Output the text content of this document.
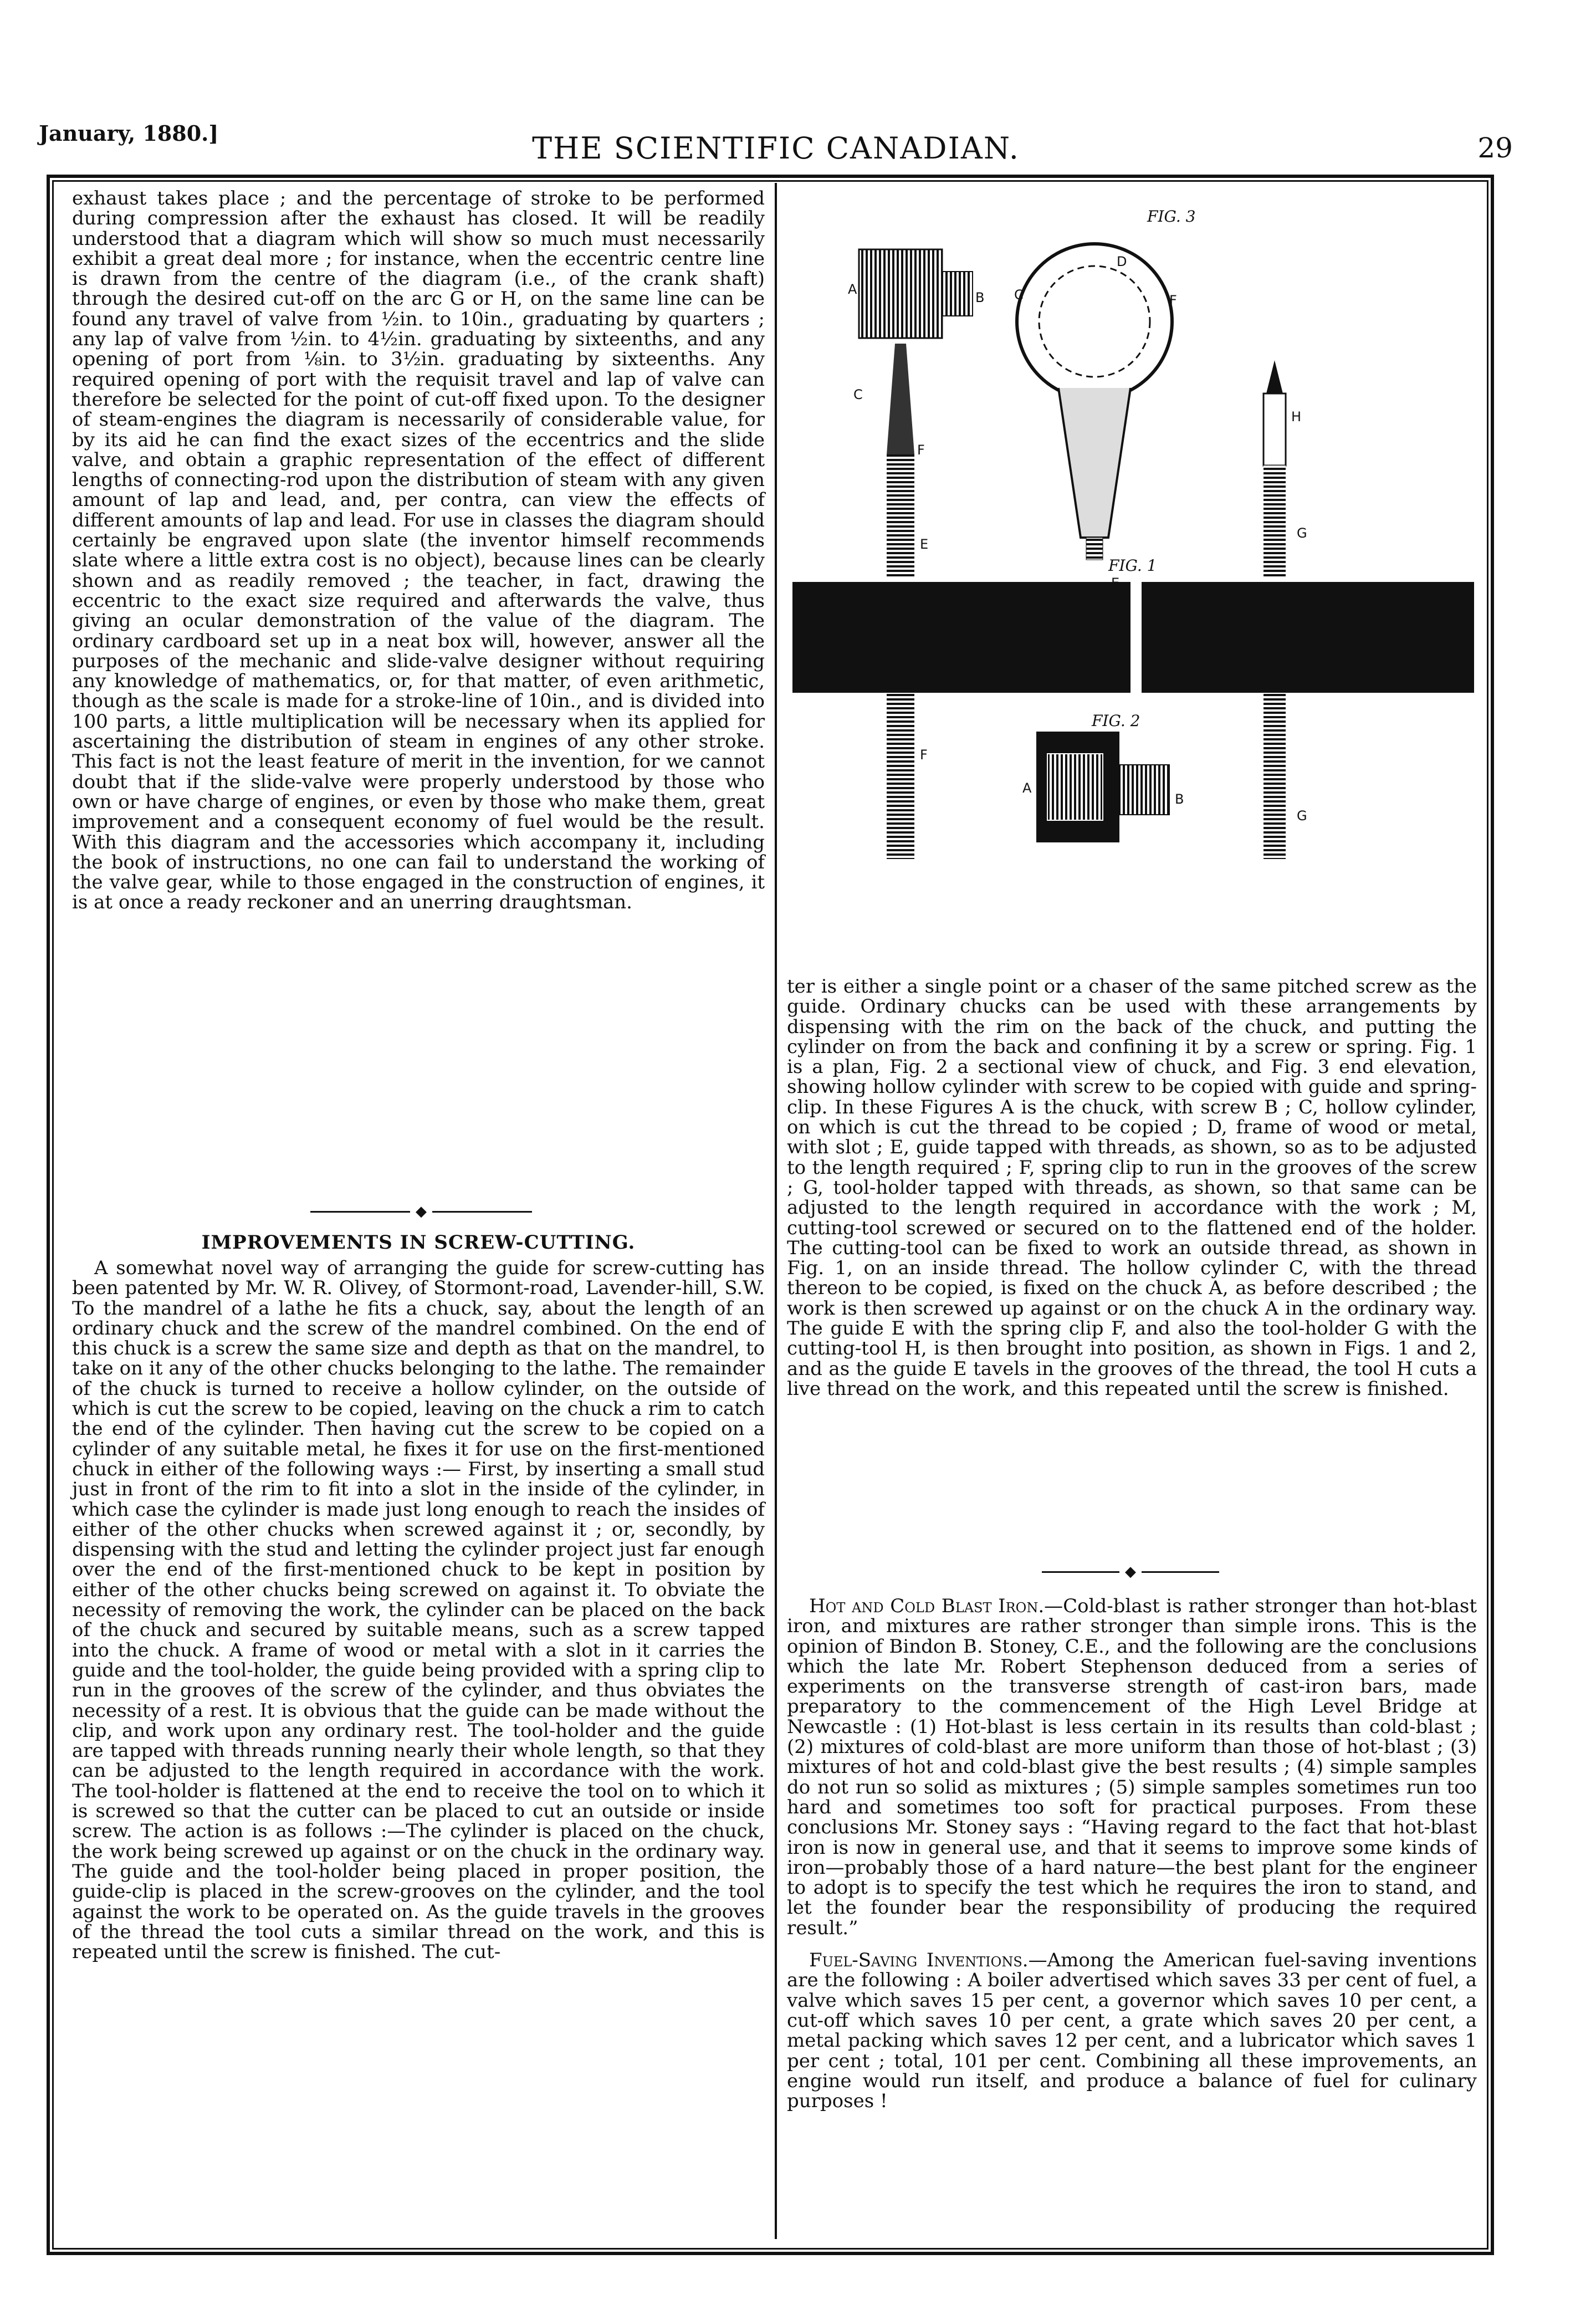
January, 1880.]	THE SCIENTIFIC CANADIAN.	29

exhaust takes place ; and the percentage of stroke to be performed during compression after the exhaust has closed. It will be readily understood that a diagram which will show so much must necessarily exhibit a great deal more ; for instance, when the eccentric centre line is drawn from the centre of the diagram (i.e., of the crank shaft) through the desired cut-off on the arc G or H, on the same line can be found any travel of valve from ½in. to 10in., graduating by quarters ; any lap of valve from ½in. to 4½in. graduating by sixteenths, and any opening of port from ⅛in. to 3½in. graduating by sixteenths. Any required opening of port with the requisit travel and lap of valve can therefore be selected for the point of cut-off fixed upon. To the designer of steam-engines the diagram is necessarily of considerable value, for by its aid he can find the exact sizes of the eccentrics and the slide valve, and obtain a graphic representation of the effect of different lengths of connecting-rod upon the distribution of steam with any given amount of lap and lead, and, per contra, can view the effects of different amounts of lap and lead. For use in classes the diagram should certainly be engraved upon slate (the inventor himself recommends slate where a little extra cost is no object), because lines can be clearly shown and as readily removed ; the teacher, in fact, drawing the eccentric to the exact size required and afterwards the valve, thus giving an ocular demonstration of the value of the diagram. The ordinary cardboard set up in a neat box will, however, answer all the purposes of the mechanic and slide-valve designer without requiring any knowledge of mathematics, or, for that matter, of even arithmetic, though as the scale is made for a stroke-line of 10in., and is divided into 100 parts, a little multiplication will be necessary when its applied for ascertaining the distribution of steam in engines of any other stroke. This fact is not the least feature of merit in the invention, for we cannot doubt that if the slide-valve were properly understood by those who own or have charge of engines, or even by those who make them, great improvement and a consequent economy of fuel would be the result. With this diagram and the accessories which accompany it, including the book of instructions, no one can fail to understand the working of the valve gear, while to those engaged in the construction of engines, it is at once a ready reckoner and an unerring draughtsman.

◆
IMPROVEMENTS IN SCREW-CUTTING.

A somewhat novel way of arranging the guide for screw-cutting has been patented by Mr. W. R. Olivey, of Stormont-road, Lavender-hill, S.W. To the mandrel of a lathe he fits a chuck, say, about the length of an ordinary chuck and the screw of the mandrel combined. On the end of this chuck is a screw the same size and depth as that on the mandrel, to take on it any of the other chucks belonging to the lathe. The remainder of the chuck is turned to receive a hollow cylinder, on the outside of which is cut the screw to be copied, leaving on the chuck a rim to catch the end of the cylinder. Then having cut the screw to be copied on a cylinder of any suitable metal, he fixes it for use on the first-mentioned chuck in either of the following ways :— First, by inserting a small stud just in front of the rim to fit into a slot in the inside of the cylinder, in which case the cylinder is made just long enough to reach the insides of either of the other chucks when screwed against it ; or, secondly, by dispensing with the stud and letting the cylinder project just far enough over the end of the first-mentioned chuck to be kept in position by either of the other chucks being screwed on against it. To obviate the necessity of removing the work, the cylinder can be placed on the back of the chuck and secured by suitable means, such as a screw tapped into the chuck. A frame of wood or metal with a slot in it carries the guide and the tool-holder, the guide being provided with a spring clip to run in the grooves of the screw of the cylinder, and thus obviates the necessity of a rest. It is obvious that the guide can be made without the clip, and work upon any ordinary rest. The tool-holder and the guide are tapped with threads running nearly their whole length, so that they can be adjusted to the length required in accordance with the work. The tool-holder is flattened at the end to receive the tool on to which it is screwed so that the cutter can be placed to cut an outside or inside screw. The action is as follows :—The cylinder is placed on the chuck, the work being screwed up against or on the chuck in the ordinary way. The guide and the tool-holder being placed in proper position, the guide-clip is placed in the screw-grooves on the cylinder, and the tool against the work to be operated on. As the guide travels in the grooves of the thread the tool cuts a similar thread on the work, and this is repeated until the screw is finished. The cut-

FIG. 3
FIG. 1
FIG. 2
A
B C
C
D
E
E
F
F
F
G
G
H
A
B

ter is either a single point or a chaser of the same pitched screw as the guide. Ordinary chucks can be used with these arrangements by dispensing with the rim on the back of the chuck, and putting the cylinder on from the back and confining it by a screw or spring. Fig. 1 is a plan, Fig. 2 a sectional view of chuck, and Fig. 3 end elevation, showing hollow cylinder with screw to be copied with guide and spring-clip. In these Figures A is the chuck, with screw B ; C, hollow cylinder, on which is cut the thread to be copied ; D, frame of wood or metal, with slot ; E, guide tapped with threads, as shown, so as to be adjusted to the length required ; F, spring clip to run in the grooves of the screw ; G, tool-holder tapped with threads, as shown, so that same can be adjusted to the length required in accordance with the work ; M, cutting-tool screwed or secured on to the flattened end of the holder. The cutting-tool can be fixed to work an outside thread, as shown in Fig. 1, on an inside thread. The hollow cylinder C, with the thread thereon to be copied, is fixed on the chuck A, as before described ; the work is then screwed up against or on the chuck A in the ordinary way. The guide E with the spring clip F, and also the tool-holder G with the cutting-tool H, is then brought into position, as shown in Figs. 1 and 2, and as the guide E tavels in the grooves of the thread, the tool H cuts a live thread on the work, and this repeated until the screw is finished.

◆

Hot and Cold Blast Iron.—Cold-blast is rather stronger than hot-blast iron, and mixtures are rather stronger than simple irons. This is the opinion of Bindon B. Stoney, C.E., and the following are the conclusions which the late Mr. Robert Stephenson deduced from a series of experiments on the transverse strength of cast-iron bars, made preparatory to the commencement of the High Level Bridge at Newcastle : (1) Hot-blast is less certain in its results than cold-blast ; (2) mixtures of cold-blast are more uniform than those of hot-blast ; (3) mixtures of hot and cold-blast give the best results ; (4) simple samples do not run so solid as mixtures ; (5) simple samples sometimes run too hard and sometimes too soft for practical purposes. From these conclusions Mr. Stoney says : “Having regard to the fact that hot-blast iron is now in general use, and that it seems to improve some kinds of iron—probably those of a hard nature—the best plant for the engineer to adopt is to specify the test which he requires the iron to stand, and let the founder bear the responsibility of producing the required result.”

Fuel-Saving Inventions.—Among the American fuel-saving inventions are the following : A boiler advertised which saves 33 per cent of fuel, a valve which saves 15 per cent, a governor which saves 10 per cent, a cut-off which saves 10 per cent, a grate which saves 20 per cent, a metal packing which saves 12 per cent, and a lubricator which saves 1 per cent ; total, 101 per cent. Combining all these improvements, an engine would run itself, and produce a balance of fuel for culinary purposes !
